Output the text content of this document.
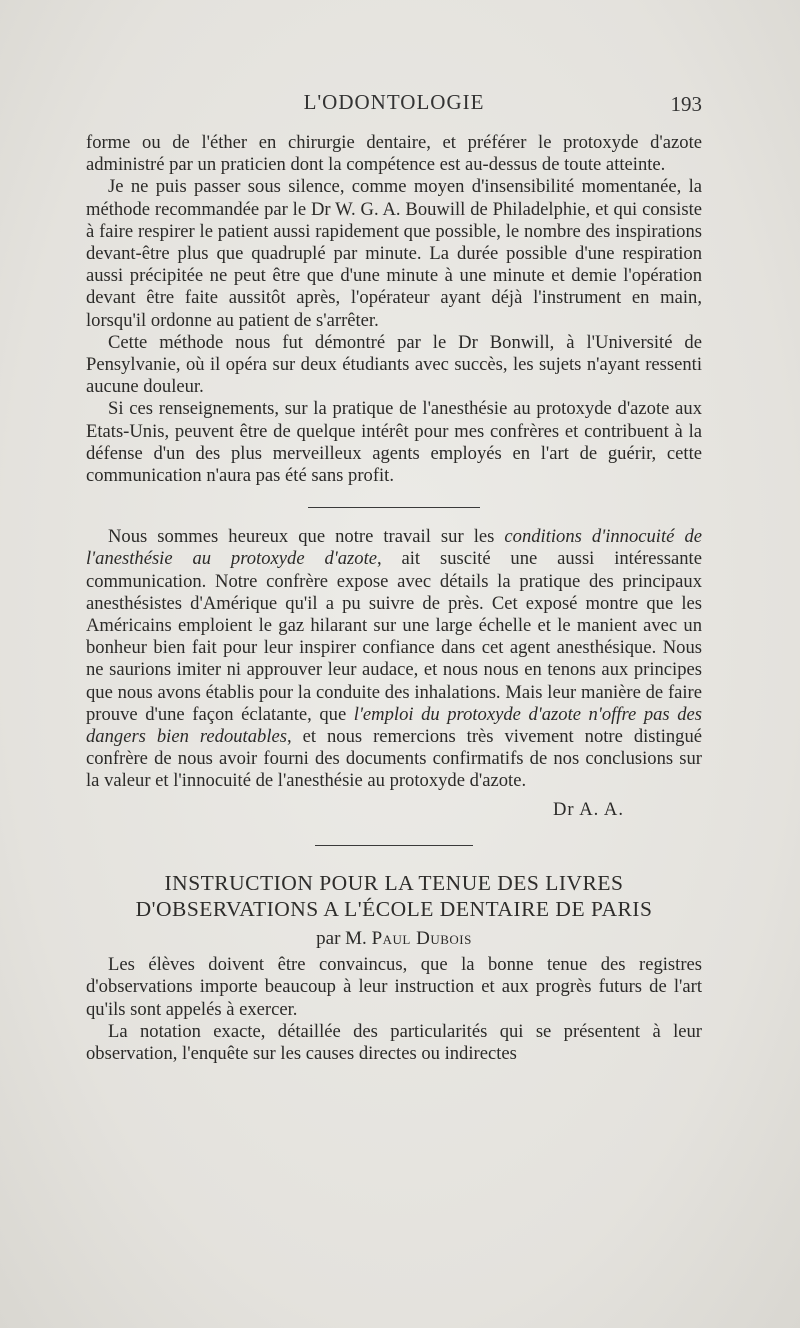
L'ODONTOLOGIE	193

forme ou de l'éther en chirurgie dentaire, et préférer le protoxyde d'azote administré par un praticien dont la compétence est au-dessus de toute atteinte.

Je ne puis passer sous silence, comme moyen d'insensibilité momentanée, la méthode recommandée par le Dr W. G. A. Bouwill de Philadelphie, et qui consiste à faire respirer le patient aussi rapidement que possible, le nombre des inspirations devant-être plus que quadruplé par minute. La durée possible d'une respiration aussi précipitée ne peut être que d'une minute à une minute et demie l'opération devant être faite aussitôt après, l'opérateur ayant déjà l'instrument en main, lorsqu'il ordonne au patient de s'arrêter.

Cette méthode nous fut démontré par le Dr Bonwill, à l'Université de Pensylvanie, où il opéra sur deux étudiants avec succès, les sujets n'ayant ressenti aucune douleur.

Si ces renseignements, sur la pratique de l'anesthésie au protoxyde d'azote aux Etats-Unis, peuvent être de quelque intérêt pour mes confrères et contribuent à la défense d'un des plus merveilleux agents employés en l'art de guérir, cette communication n'aura pas été sans profit.

Nous sommes heureux que notre travail sur les conditions d'innocuité de l'anesthésie au protoxyde d'azote, ait suscité une aussi intéressante communication. Notre confrère expose avec détails la pratique des principaux anesthésistes d'Amérique qu'il a pu suivre de près. Cet exposé montre que les Américains emploient le gaz hilarant sur une large échelle et le manient avec un bonheur bien fait pour leur inspirer confiance dans cet agent anesthésique. Nous ne saurions imiter ni approuver leur audace, et nous nous en tenons aux principes que nous avons établis pour la conduite des inhalations. Mais leur manière de faire prouve d'une façon éclatante, que l'emploi du protoxyde d'azote n'offre pas des dangers bien redoutables, et nous remercions très vivement notre distingué confrère de nous avoir fourni des documents confirmatifs de nos conclusions sur la valeur et l'innocuité de l'anesthésie au protoxyde d'azote.

Dr A. A.
INSTRUCTION POUR LA TENUE DES LIVRES
D'OBSERVATIONS A L'ÉCOLE DENTAIRE DE PARIS
par M. Paul Dubois

Les élèves doivent être convaincus, que la bonne tenue des registres d'observations importe beaucoup à leur instruction et aux progrès futurs de l'art qu'ils sont appelés à exercer.

La notation exacte, détaillée des particularités qui se présentent à leur observation, l'enquête sur les causes directes ou indirectes
